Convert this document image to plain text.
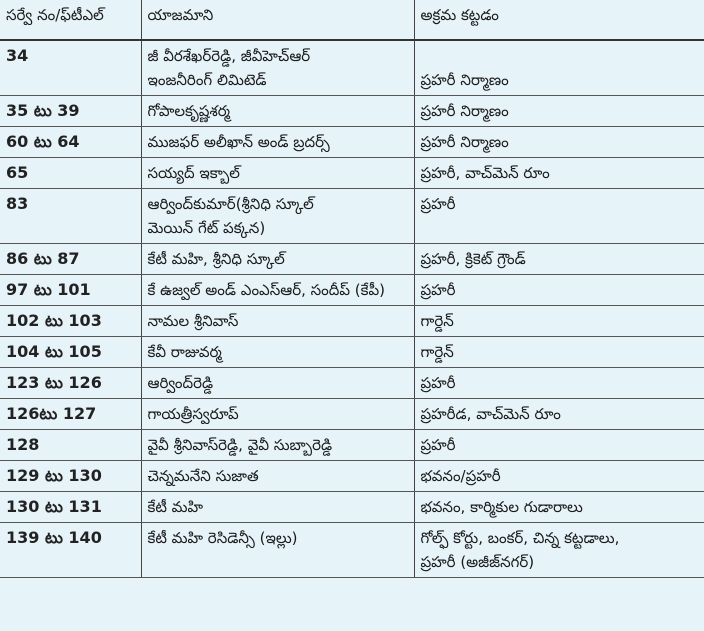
సర్వే నం/ఫ్‌టీఎల్	యాజమాని	అక్రమ కట్టడం
34	జీ వీరశేఖర్‌రెడ్డి, జీవీహెచ్ఆర్
ఇంజనీరింగ్ లిమిటెడ్	ప్రహరీ నిర్మాణం

35 టు 39	గోపాలకృష్ణశర్మ	ప్రహరీ నిర్మాణం

60 టు 64	ముజఫర్ అలీఖాన్ అండ్ బ్రదర్స్	ప్రహరీ నిర్మాణం

65	సయ్యద్ ఇక్బాల్	ప్రహరీ, వాచ్‌మెన్ రూం

83	ఆర్వింద్‌కుమార్(శ్రీనిధి స్కూల్
మెయిన్ గేట్ పక్కన)	ప్రహరీ

86 టు 87	కేటీ మహి, శ్రీనిధి స్కూల్	ప్రహరీ, క్రికెట్ గ్రౌండ్

97 టు 101	కే ఉజ్వల్ అండ్ ఎంఎస్ఆర్, సందీప్ (కేపీ)	ప్రహరీ

102 టు 103	నామల శ్రీనివాస్	గార్డెన్

104 టు 105	కేవీ రాజువర్మ	గార్డెన్

123 టు 126	ఆర్వింద్‌రెడ్డి	ప్రహరీ

126టు 127	గాయత్రీస్వరూప్	ప్రహరీడ, వాచ్‌మెన్ రూం

128	వైవీ శ్రీనివాస్‌రెడ్డి, వైవీ సుబ్బారెడ్డి	ప్రహరీ

129 టు 130	చెన్నమనేని సుజాత	భవనం/ప్రహరీ

130 టు 131	కేటీ మహి	భవనం, కార్మికుల గుడారాలు

139 టు 140	కేటీ మహి రెసిడెన్సీ (ఇల్లు)	గోల్ఫ్ కోర్టు, బంకర్, చిన్న కట్టడాలు,
ప్రహరీ (అజీజ్‌నగర్)
